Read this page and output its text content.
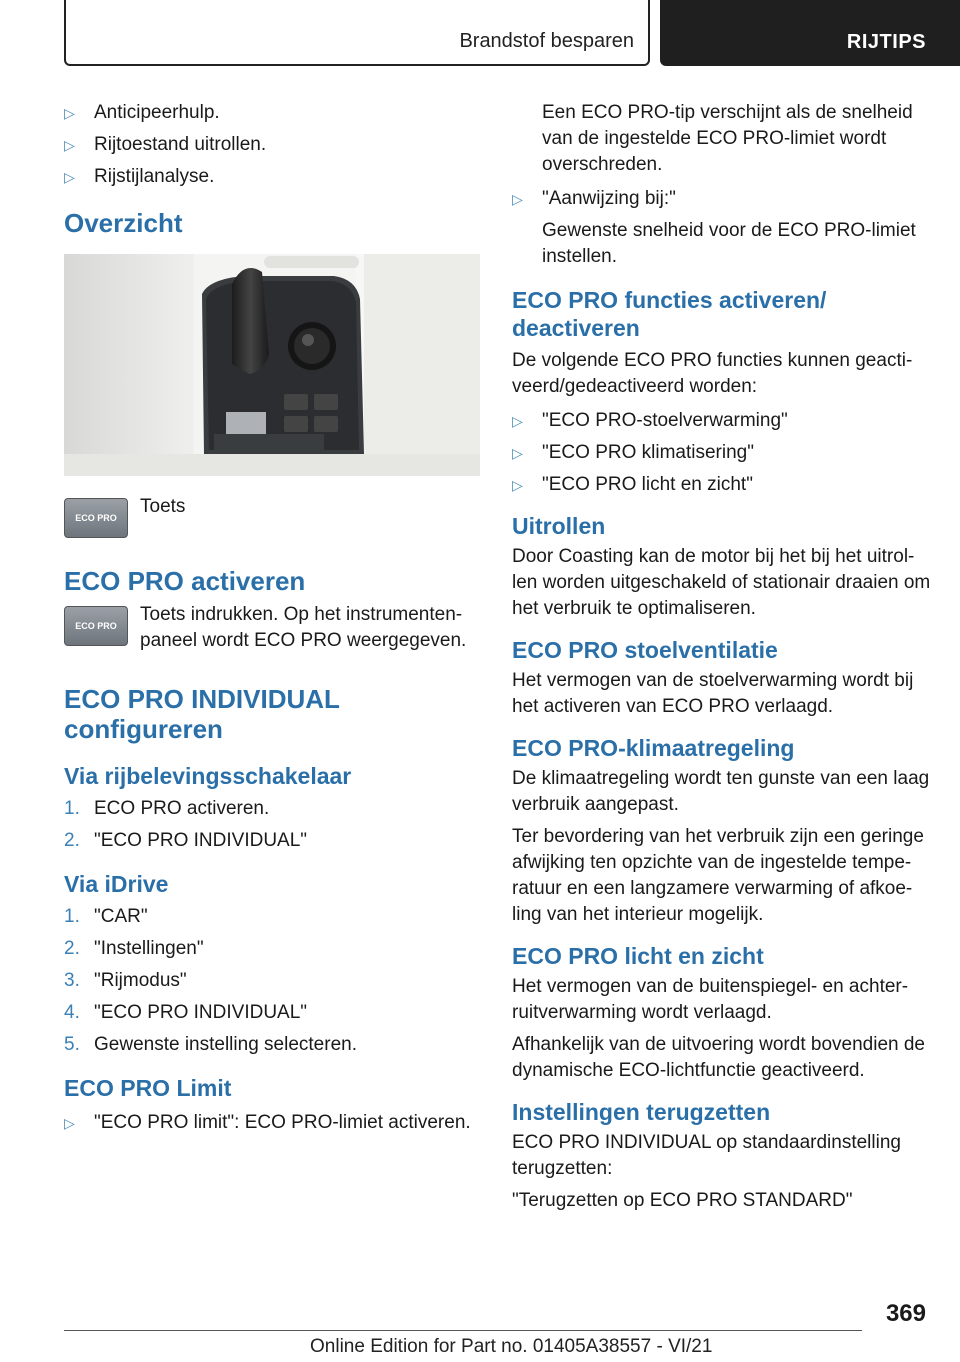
Brandstof besparen	RIJTIPS
▷ Anticipeerhulp.
▷ Rijtoestand uitrollen.
▷ Rijstijlanalyse.
Overzicht
ECO PRO

Toets

ECO PRO activeren
ECO PRO

Toets indrukken. Op het instrumenten-paneel wordt ECO PRO weergegeven.

ECO PRO INDIVIDUAL configureren
Via rijbelevingsschakelaar
1. ECO PRO activeren.
2. "ECO PRO INDIVIDUAL"
Via iDrive
1. "CAR"
2. "Instellingen"
3. "Rijmodus"
4. "ECO PRO INDIVIDUAL"
5. Gewenste instelling selecteren.
ECO PRO Limit
▷ "ECO PRO limit": ECO PRO-limiet activeren.

Een ECO PRO-tip verschijnt als de snelheid van de ingestelde ECO PRO-limiet wordt overschreden.

▷ "Aanwijzing bij:"

Gewenste snelheid voor de ECO PRO-limiet instellen.

ECO PRO functies activeren/ deactiveren

De volgende ECO PRO functies kunnen geacti-veerd/gedeactiveerd worden:

▷ "ECO PRO-stoelverwarming"
▷ "ECO PRO klimatisering"
▷ "ECO PRO licht en zicht"
Uitrollen

Door Coasting kan de motor bij het bij het uitrol-len worden uitgeschakeld of stationair draaien om het verbruik te optimaliseren.

ECO PRO stoelventilatie

Het vermogen van de stoelverwarming wordt bij het activeren van ECO PRO verlaagd.

ECO PRO-klimaatregeling

De klimaatregeling wordt ten gunste van een laag verbruik aangepast.

Ter bevordering van het verbruik zijn een geringe afwijking ten opzichte van de ingestelde tempe-ratuur en een langzamere verwarming of afkoe-ling van het interieur mogelijk.

ECO PRO licht en zicht

Het vermogen van de buitenspiegel- en achter-ruitverwarming wordt verlaagd.

Afhankelijk van de uitvoering wordt bovendien de dynamische ECO-lichtfunctie geactiveerd.

Instellingen terugzetten

ECO PRO INDIVIDUAL op standaardinstelling terugzetten:

"Terugzetten op ECO PRO STANDARD"

369
Online Edition for Part no. 01405A38557 - VI/21
